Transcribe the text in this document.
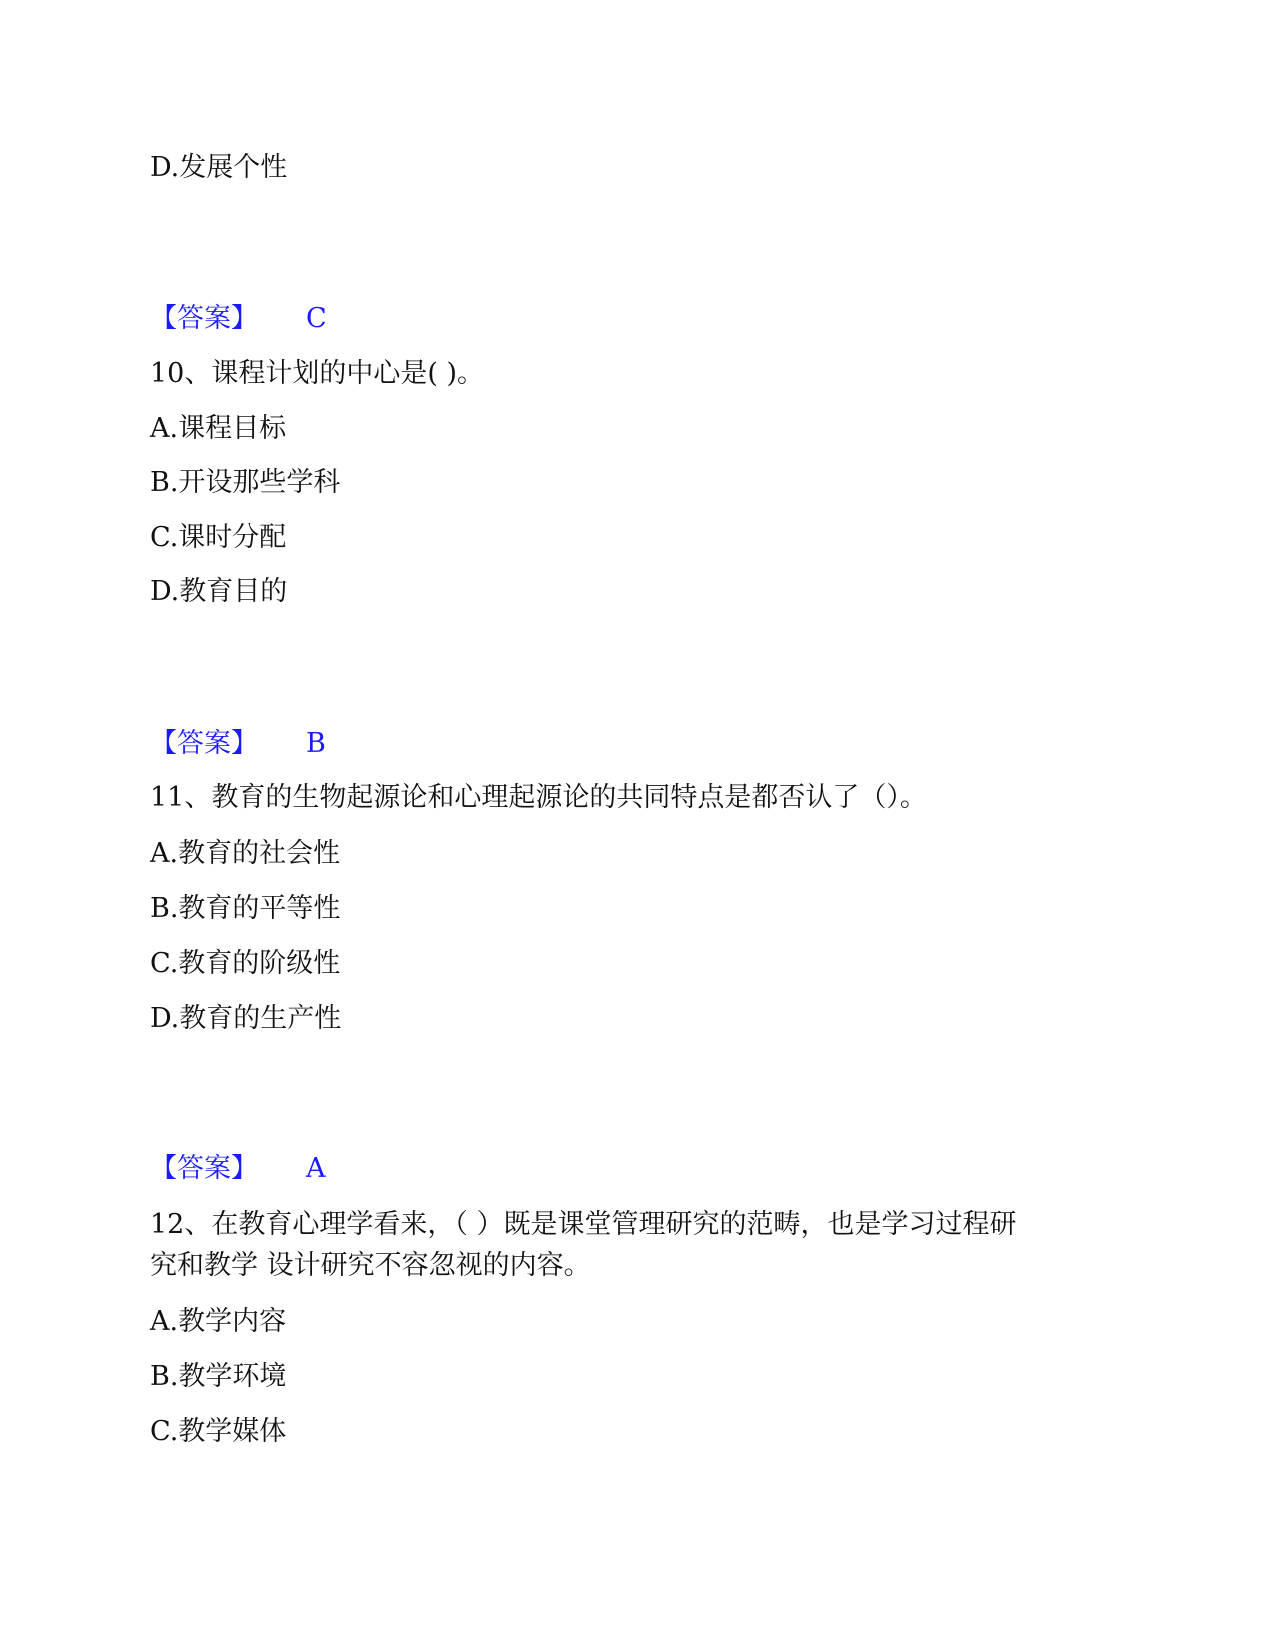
D.发展个性
【答案】 C
10、课程计划的中心是( )。
A.课程目标
B.开设那些学科
C.课时分配
D.教育目的
【答案】 B
11、教育的生物起源论和心理起源论的共同特点是都否认了（）。
A.教育的社会性
B.教育的平等性
C.教育的阶级性
D.教育的生产性
【答案】 A
12、在教育心理学看来，（ ）既是课堂管理研究的范畴，也是学习过程研
究和教学 设计研究不容忽视的内容。
A.教学内容
B.教学环境
C.教学媒体
